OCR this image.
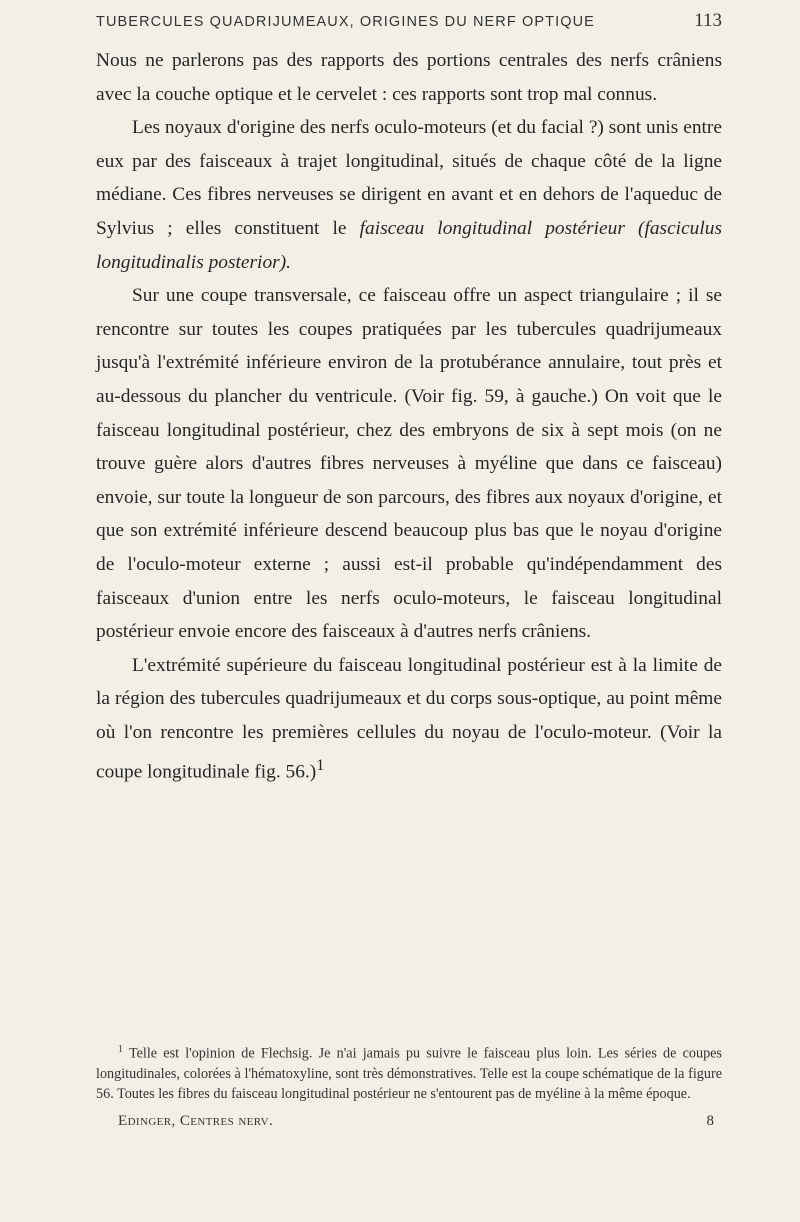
TUBERCULES QUADRIJUMEAUX, ORIGINES DU NERF OPTIQUE	113

Nous ne parlerons pas des rapports des portions centrales des nerfs crâniens avec la couche optique et le cervelet : ces rapports sont trop mal connus.

Les noyaux d'origine des nerfs oculo-moteurs (et du facial ?) sont unis entre eux par des faisceaux à trajet longitudinal, situés de chaque côté de la ligne médiane. Ces fibres nerveuses se dirigent en avant et en dehors de l'aqueduc de Sylvius ; elles constituent le faisceau longitudinal postérieur (fasciculus longitudinalis posterior).

Sur une coupe transversale, ce faisceau offre un aspect triangulaire ; il se rencontre sur toutes les coupes pratiquées par les tubercules quadrijumeaux jusqu'à l'extrémité inférieure environ de la protubérance annulaire, tout près et au-dessous du plancher du ventricule. (Voir fig. 59, à gauche.) On voit que le faisceau longitudinal postérieur, chez des embryons de six à sept mois (on ne trouve guère alors d'autres fibres nerveuses à myéline que dans ce faisceau) envoie, sur toute la longueur de son parcours, des fibres aux noyaux d'origine, et que son extrémité inférieure descend beaucoup plus bas que le noyau d'origine de l'oculo-moteur externe ; aussi est-il probable qu'indépendamment des faisceaux d'union entre les nerfs oculo-moteurs, le faisceau longitudinal postérieur envoie encore des faisceaux à d'autres nerfs crâniens.

L'extrémité supérieure du faisceau longitudinal postérieur est à la limite de la région des tubercules quadrijumeaux et du corps sous-optique, au point même où l'on rencontre les premières cellules du noyau de l'oculo-moteur. (Voir la coupe longitudinale fig. 56.)$^1$

$^1$ Telle est l'opinion de Flechsig. Je n'ai jamais pu suivre le faisceau plus loin. Les séries de coupes longitudinales, colorées à l'hématoxyline, sont très démonstratives. Telle est la coupe schématique de la figure 56. Toutes les fibres du faisceau longitudinal postérieur ne s'entourent pas de myéline à la même époque.
Edinger, Centres nerv.	8
